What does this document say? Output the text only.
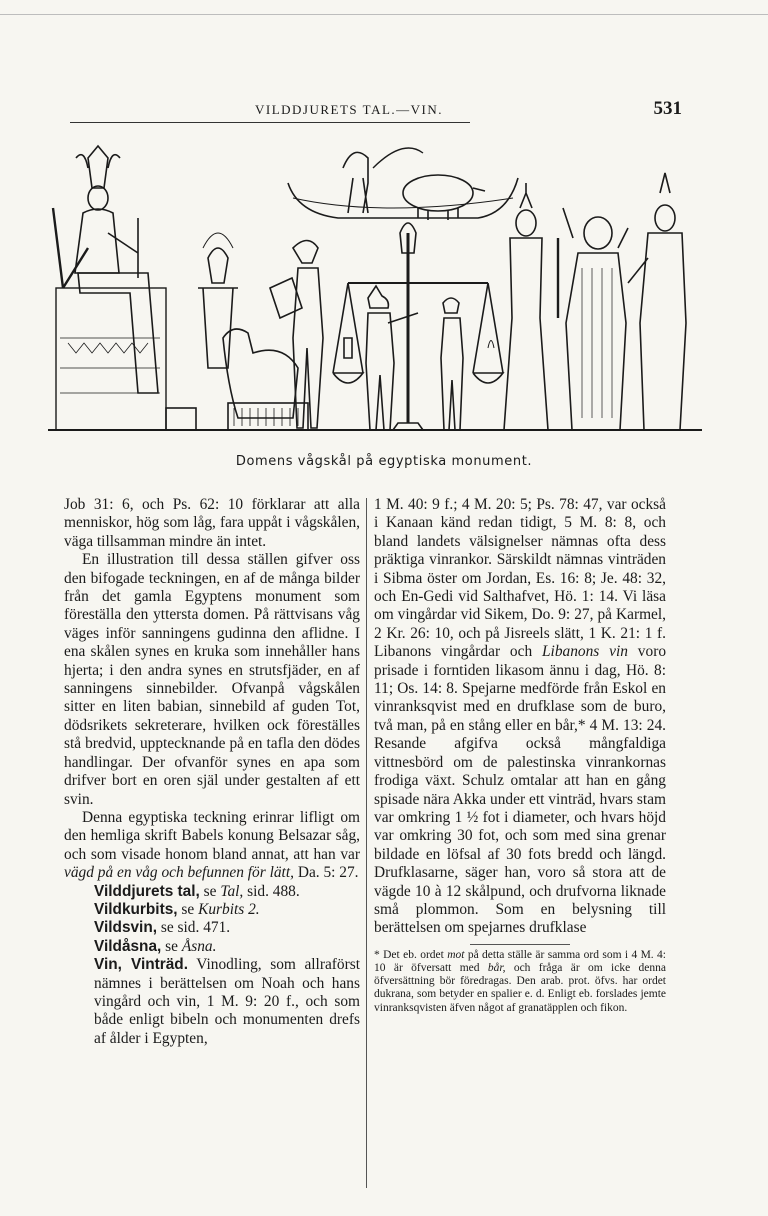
VILDDJURETS TAL.—VIN.	531
Domens vågskål på egyptiska monument.

Job 31: 6, och Ps. 62: 10 förklarar att alla menniskor, hög som låg, fara uppåt i vågskålen, väga tillsamman mindre än intet.

En illustration till dessa ställen gifver oss den bifogade teckningen, en af de många bilder från det gamla Egyptens monument som föreställa den yttersta domen. På rättvisans våg väges inför sanningens gudinna den aflidne. I ena skålen synes en kruka som innehåller hans hjerta; i den andra synes en strutsfjäder, en af sanningens sinnebilder. Ofvanpå vågskålen sitter en liten babian, sinnebild af guden Tot, dödsrikets sekreterare, hvilken ock föreställes stå bredvid, upptecknande på en tafla den dödes handlingar. Der ofvanför synes en apa som drifver bort en oren själ under gestalten af ett svin.

Denna egyptiska teckning erinrar lifligt om den hemliga skrift Babels konung Belsazar såg, och som visade honom bland annat, att han var vägd på en våg och befunnen för lätt, Da. 5: 27.

Vilddjurets tal, se Tal, sid. 488.

Vildkurbits, se Kurbits 2.

Vildsvin, se sid. 471.

Vildåsna, se Åsna.

Vin, Vinträd. Vinodling, som allraförst nämnes i berättelsen om Noah och hans vingård och vin, 1 M. 9: 20 f., och som både enligt bibeln och monumenten drefs af ålder i Egypten,

1 M. 40: 9 f.; 4 M. 20: 5; Ps. 78: 47, var också i Kanaan känd redan tidigt, 5 M. 8: 8, och bland landets välsignelser nämnas ofta dess präktiga vinrankor. Särskildt nämnas vinträden i Sibma öster om Jordan, Es. 16: 8; Je. 48: 32, och En-Gedi vid Salthafvet, Hö. 1: 14. Vi läsa om vingårdar vid Sikem, Do. 9: 27, på Karmel, 2 Kr. 26: 10, och på Jisreels slätt, 1 K. 21: 1 f. Libanons vingårdar och Libanons vin voro prisade i forntiden likasom ännu i dag, Hö. 8: 11; Os. 14: 8. Spejarne medförde från Eskol en vinranksqvist med en drufklase som de buro, två man, på en stång eller en bår,* 4 M. 13: 24. Resande afgifva också mångfaldiga vittnesbörd om de palestinska vinrankornas frodiga växt. Schulz omtalar att han en gång spisade nära Akka under ett vinträd, hvars stam var omkring 1 ½ fot i diameter, och hvars höjd var omkring 30 fot, och som med sina grenar bildade en löfsal af 30 fots bredd och längd. Drufklasarne, säger han, voro så stora att de vägde 10 à 12 skålpund, och drufvorna liknade små plommon. Som en belysning till berättelsen om spejarnes drufklase

* Det eb. ordet mot på detta ställe är samma ord som i 4 M. 4: 10 är öfversatt med bår, och fråga är om icke denna öfversättning bör föredragas. Den arab. prot. öfvs. har ordet dukrana, som betyder en spalier e. d. Enligt eb. forslades jemte vinranksqvisten äfven något af granatäpplen och fikon.
